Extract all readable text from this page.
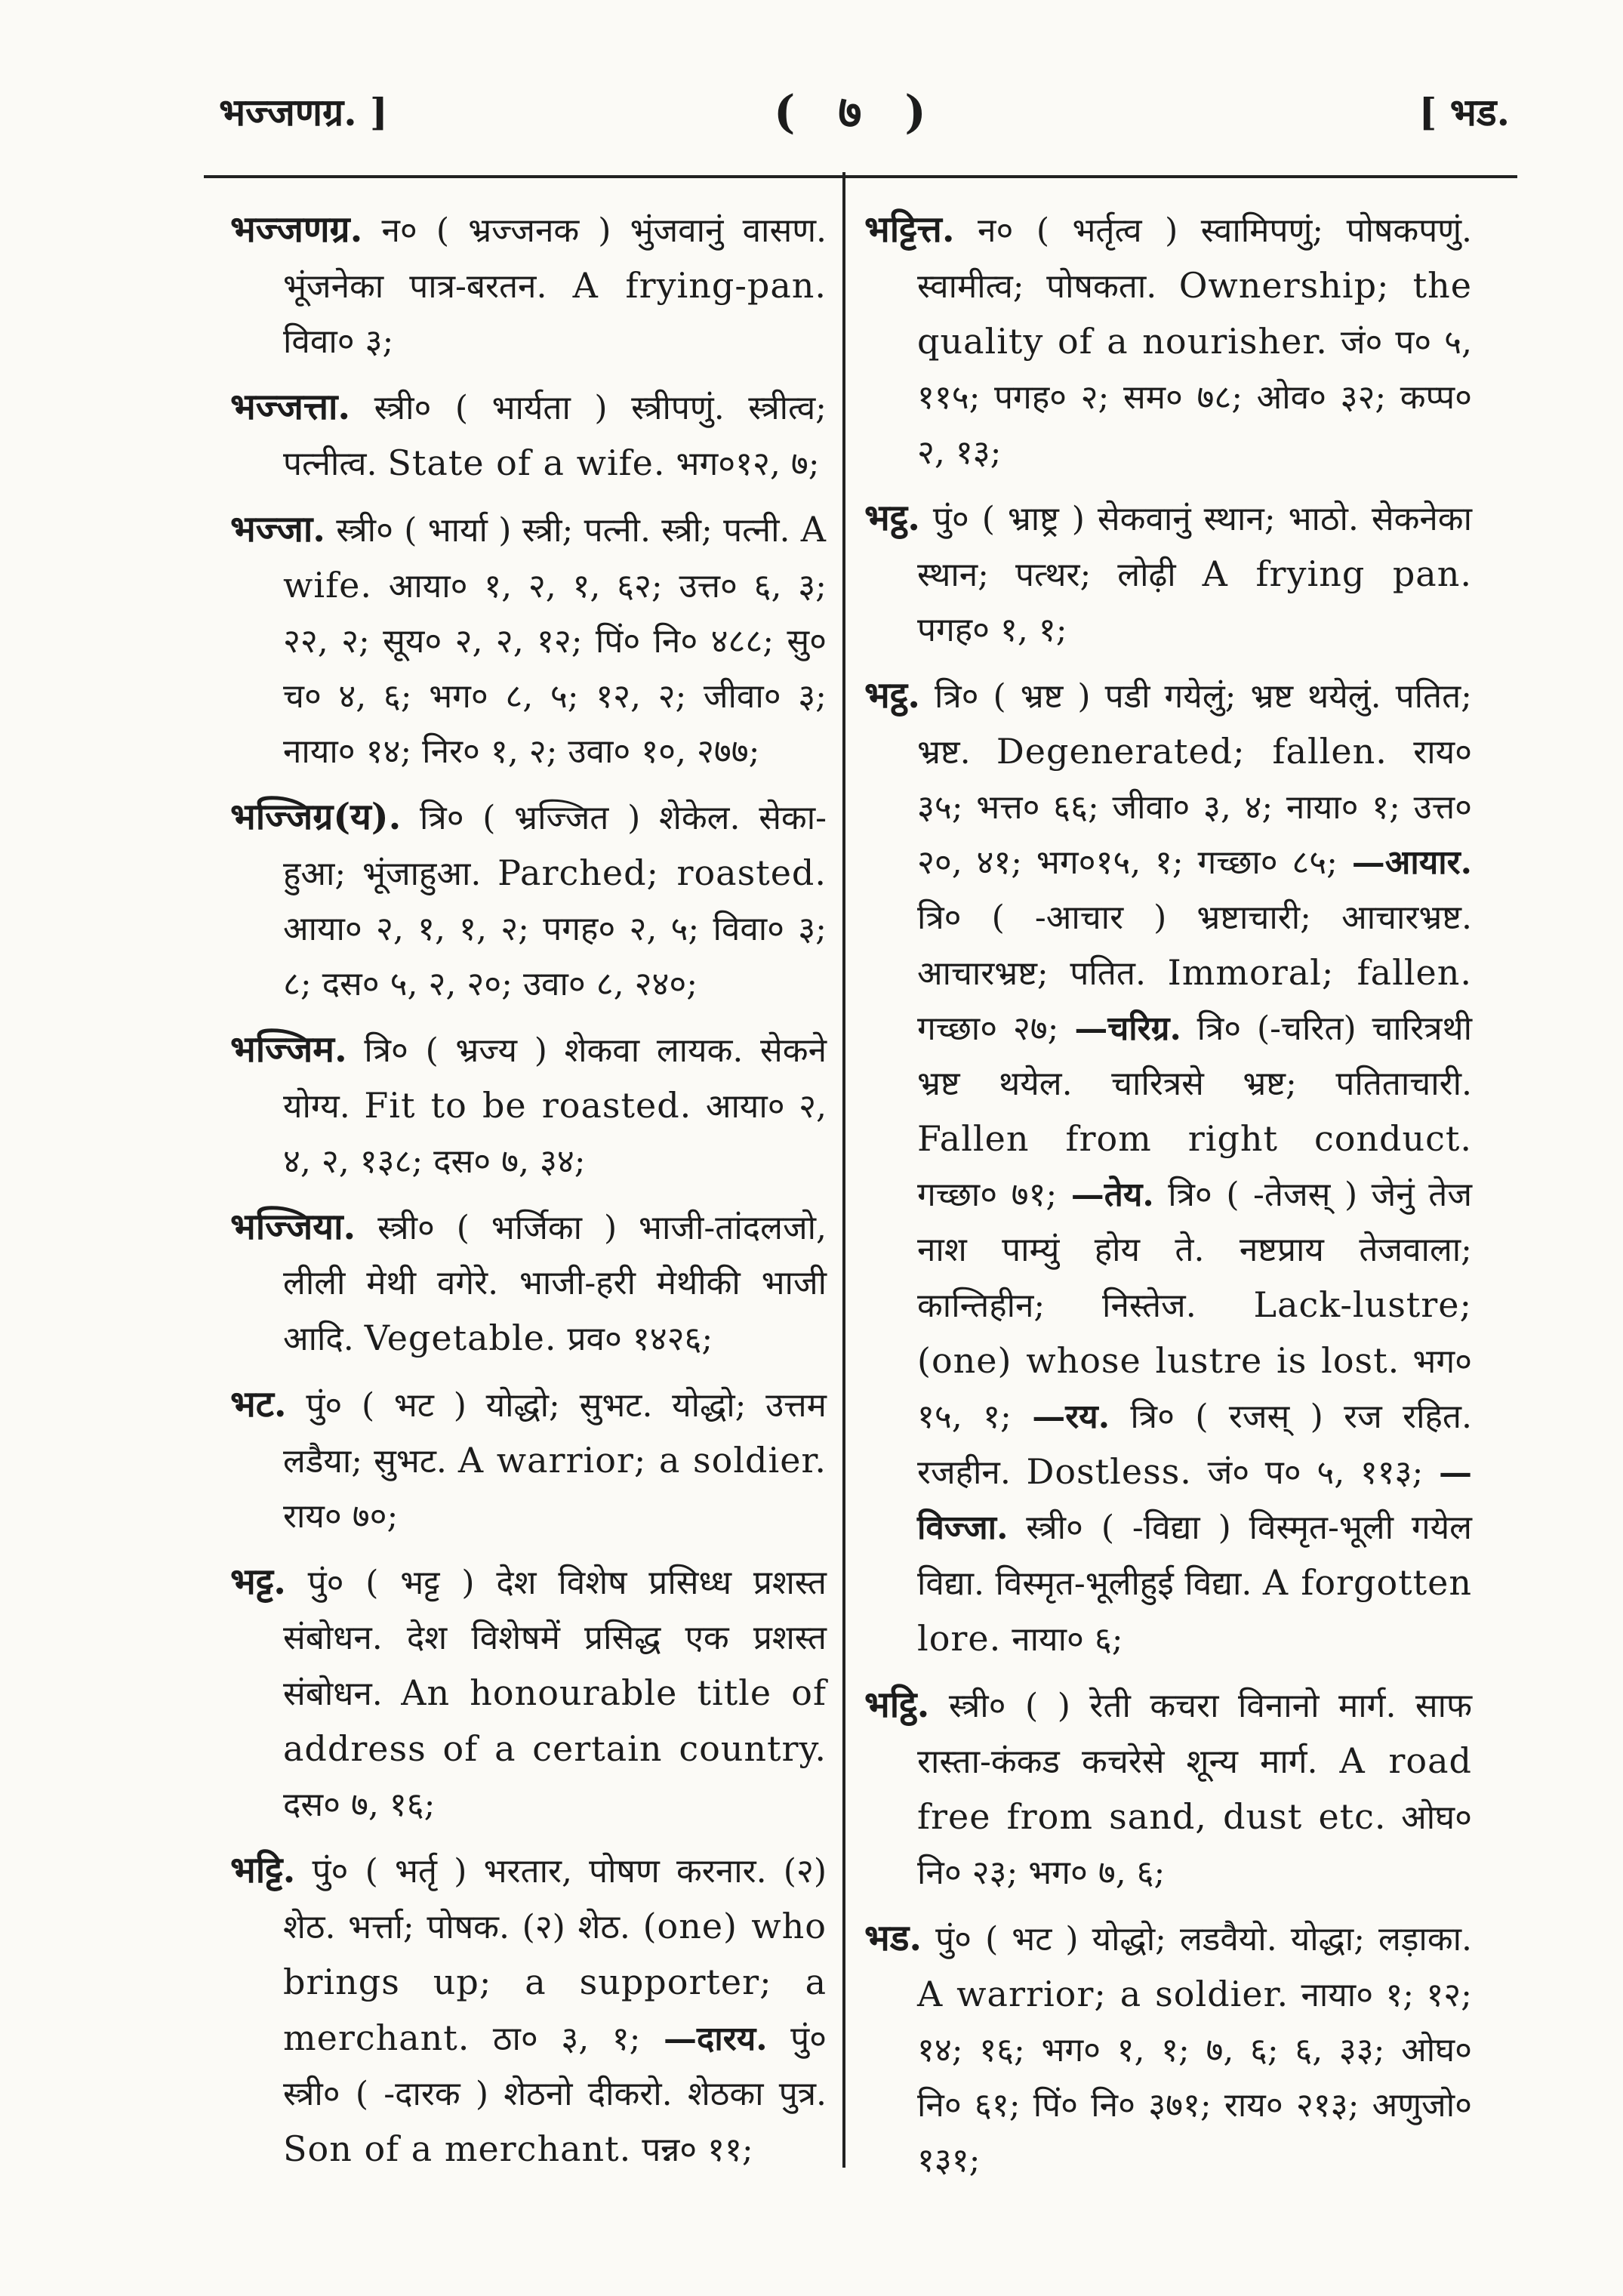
भज्जणग्र. ]	( ७ )	[ भड.

भज्जणग्र. न० ( भ्रज्जनक ) भुंजवानुं वासण. भूंजनेका पात्र-बरतन. A frying-pan. विवा० ३;

भज्जत्ता. स्त्री० ( भार्यता ) स्त्रीपणुं. स्त्रीत्व; पत्नीत्व. State of a wife. भग०१२, ७;

भज्जा. स्त्री० ( भार्या ) स्त्री; पत्नी. स्त्री; पत्नी. A wife. आया० १, २, १, ६२; उत्त० ६, ३; २२, २; सूय० २, २, १२; पिं० नि० ४८८; सु० च० ४, ६; भग० ८, ५; १२, २; जीवा० ३; नाया० १४; निर० १, २; उवा० १०, २७७;

भज्जिग्र(य). त्रि० ( भ्रज्जित ) शेकेल. सेका-हुआ; भूंजाहुआ. Parched; roasted. आया० २, १, १, २; पगह० २, ५; विवा० ३; ८; दस० ५, २, २०; उवा० ८, २४०;

भज्जिम. त्रि० ( भ्रज्य ) शेकवा लायक. सेकने योग्य. Fit to be roasted. आया० २, ४, २, १३८; दस० ७, ३४;

भज्जिया. स्त्री० ( भर्जिका ) भाजी-तांदलजो, लीली मेथी वगेरे. भाजी-हरी मेथीकी भाजी आदि. Vegetable. प्रव० १४२६;

भट. पुं० ( भट ) योद्धो; सुभट. योद्धो; उत्तम लडैया; सुभट. A warrior; a soldier. राय० ७०;

भट्ट. पुं० ( भट्ट ) देश विशेष प्रसिध्ध प्रशस्त संबोधन. देश विशेषमें प्रसिद्ध एक प्रशस्त संबोधन. An honourable title of address of a certain country. दस० ७, १६;

भट्टि. पुं० ( भर्तृ ) भरतार, पोषण करनार. (२) शेठ. भर्त्ता; पोषक. (२) शेठ. (one) who brings up; a supporter; a merchant. ठा० ३, १; —दारय. पुं० स्त्री० ( -दारक ) शेठनो दीकरो. शेठका पुत्र. Son of a merchant. पन्न० ११;

भट्टित्त. न० ( भर्तृत्व ) स्वामिपणुं; पोषकपणुं. स्वामीत्व; पोषकता. Ownership; the quality of a nourisher. जं० प० ५, ११५; पगह० २; सम० ७८; ओव० ३२; कप्प० २, १३;

भट्ठ. पुं० ( भ्राष्ट्र ) सेकवानुं स्थान; भाठो. सेकनेका स्थान; पत्थर; लोढ़ी A frying pan. पगह० १, १;

भट्ठ. त्रि० ( भ्रष्ट ) पडी गयेलुं; भ्रष्ट थयेलुं. पतित; भ्रष्ट. Degenerated; fallen. राय० ३५; भत्त० ६६; जीवा० ३, ४; नाया० १; उत्त० २०, ४१; भग०१५, १; गच्छा० ८५; —आयार. त्रि० ( -आचार ) भ्रष्टाचारी; आचारभ्रष्ट. आचारभ्रष्ट; पतित. Immoral; fallen. गच्छा० २७; —चरिग्र. त्रि० (-चरित) चारित्रथी भ्रष्ट थयेल. चारित्रसे भ्रष्ट; पतिताचारी. Fallen from right conduct. गच्छा० ७१; —तेय. त्रि० ( -तेजस् ) जेनुं तेज नाश पाम्युं होय ते. नष्टप्राय तेजवाला; कान्तिहीन; निस्तेज. Lack-lustre; (one) whose lustre is lost. भग० १५, १; —रय. त्रि० ( रजस् ) रज रहित. रजहीन. Dostless. जं० प० ५, ११३; —विज्जा. स्त्री० ( -विद्या ) विस्मृत-भूली गयेल विद्या. विस्मृत-भूलीहुई विद्या. A forgotten lore. नाया० ६;

भट्ठि. स्त्री० ( ) रेती कचरा विनानो मार्ग. साफ रास्ता-कंकड कचरेसे शून्य मार्ग. A road free from sand, dust etc. ओघ० नि० २३; भग० ७, ६;

भड. पुं० ( भट ) योद्धो; लडवैयो. योद्धा; लड़ाका. A warrior; a soldier. नाया० १; १२; १४; १६; भग० १, १; ७, ६; ६, ३३; ओघ० नि० ६१; पिं० नि० ३७१; राय० २१३; अणुजो० १३१;
